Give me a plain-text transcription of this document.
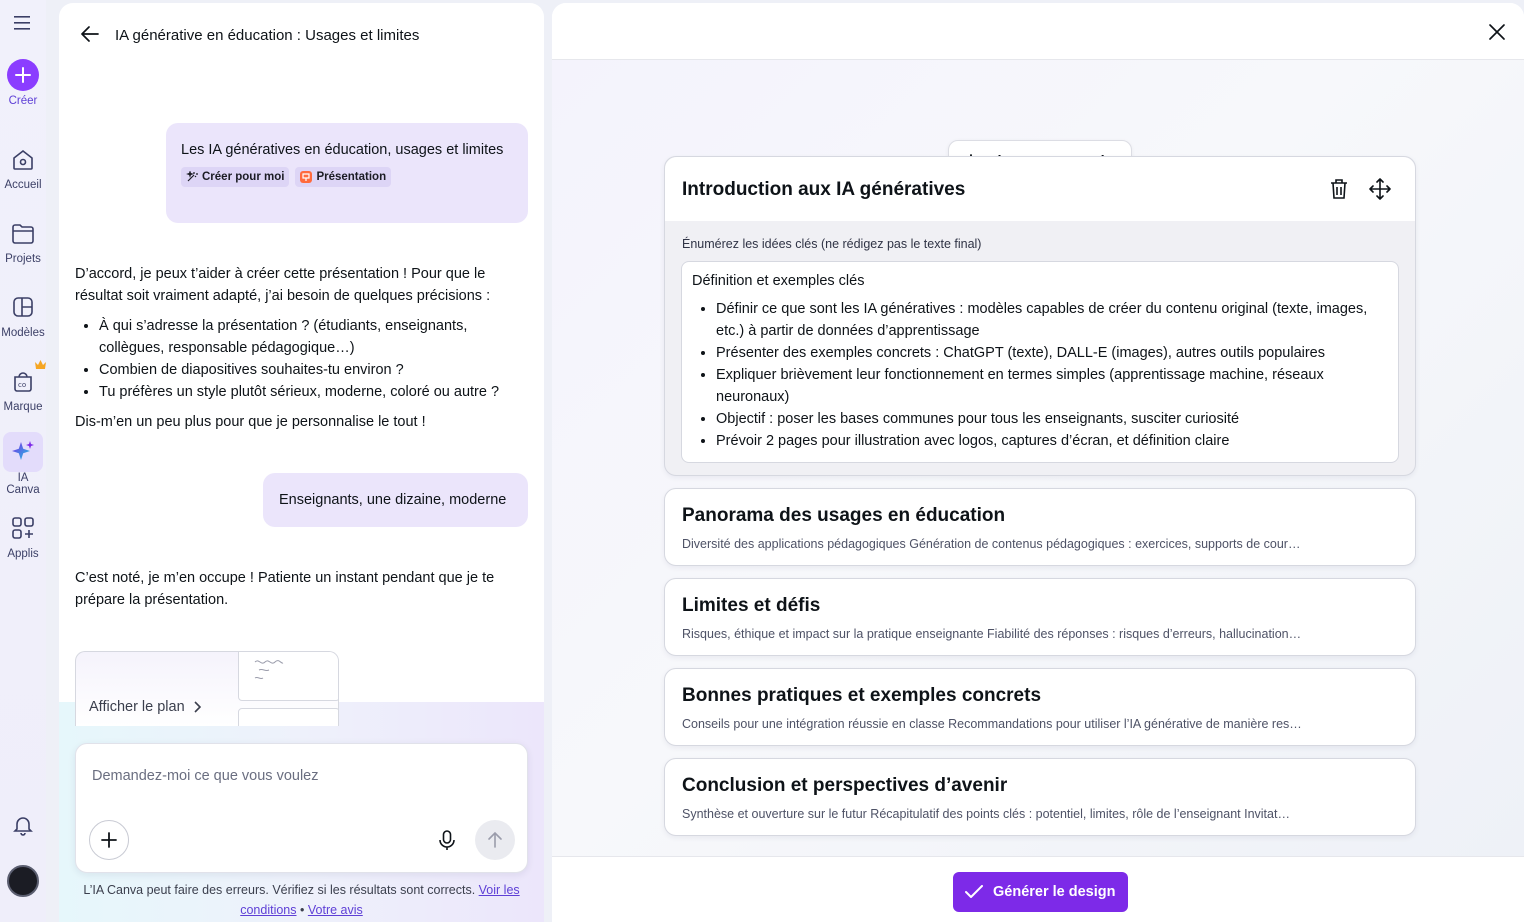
Créer
Accueil
Projets
Modèles
co
Marque
IA Canva
Applis
IA générative en éducation : Usages et limites
Les IA génératives en éducation, usages et limites
Créer pour moi	Présentation
D’accord, je peux t’aider à créer cette présentation ! Pour que le résultat soit vraiment adapté, j’ai besoin de quelques précisions :
• À qui s’adresse la présentation ? (étudiants, enseignants, collègues, responsable pédagogique…)
• Combien de diapositives souhaites-tu environ ?
• Tu préfères un style plutôt sérieux, moderne, coloré ou autre ?
Dis-m’en un peu plus pour que je personnalise le tout !
Enseignants, une dizaine, moderne
C’est noté, je m’en occupe ! Patiente un instant pendant que je te prépare la présentation.
Afficher le plan
Demandez-moi ce que vous voulez
L’IA Canva peut faire des erreurs. Vérifiez si les résultats sont corrects. Voir les conditions • Votre avis
Introduction aux IA génératives
Énumérez les idées clés (ne rédigez pas le texte final)
Définition et exemples clés
• Définir ce que sont les IA génératives : modèles capables de créer du contenu original (texte, images, etc.) à partir de données d’apprentissage
• Présenter des exemples concrets : ChatGPT (texte), DALL-E (images), autres outils populaires
• Expliquer brièvement leur fonctionnement en termes simples (apprentissage machine, réseaux neuronaux)
• Objectif : poser les bases communes pour tous les enseignants, susciter curiosité
• Prévoir 2 pages pour illustration avec logos, captures d’écran, et définition claire
Panorama des usages en éducation
Diversité des applications pédagogiques Génération de contenus pédagogiques : exercices, supports de cour…
Limites et défis
Risques, éthique et impact sur la pratique enseignante Fiabilité des réponses : risques d’erreurs, hallucination…
Bonnes pratiques et exemples concrets
Conseils pour une intégration réussie en classe Recommandations pour utiliser l’IA générative de manière res…
Conclusion et perspectives d’avenir
Synthèse et ouverture sur le futur Récapitulatif des points clés : potentiel, limites, rôle de l’enseignant Invitat…
Générer le design
